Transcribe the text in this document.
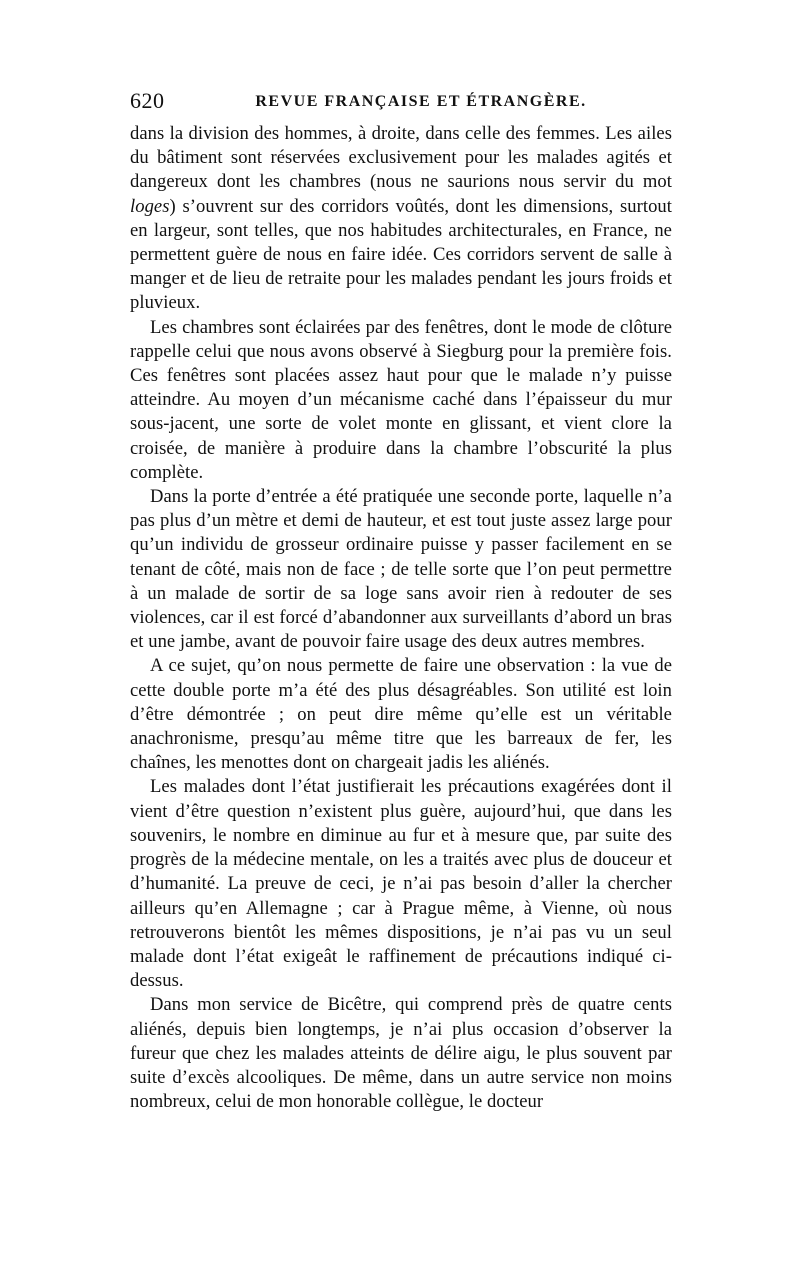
620	REVUE FRANÇAISE ET ÉTRANGÈRE.

dans la division des hommes, à droite, dans celle des femmes. Les ailes du bâtiment sont réservées exclusivement pour les malades agités et dangereux dont les chambres (nous ne saurions nous servir du mot loges) s’ouvrent sur des corridors voûtés, dont les dimensions, surtout en largeur, sont telles, que nos habitudes architecturales, en France, ne permettent guère de nous en faire idée. Ces corridors servent de salle à manger et de lieu de retraite pour les malades pendant les jours froids et pluvieux.

Les chambres sont éclairées par des fenêtres, dont le mode de clôture rappelle celui que nous avons observé à Siegburg pour la première fois. Ces fenêtres sont placées assez haut pour que le malade n’y puisse atteindre. Au moyen d’un mécanisme caché dans l’épaisseur du mur sous-jacent, une sorte de volet monte en glissant, et vient clore la croisée, de manière à produire dans la chambre l’obscurité la plus complète.

Dans la porte d’entrée a été pratiquée une seconde porte, laquelle n’a pas plus d’un mètre et demi de hauteur, et est tout juste assez large pour qu’un individu de grosseur ordinaire puisse y passer facilement en se tenant de côté, mais non de face ; de telle sorte que l’on peut permettre à un malade de sortir de sa loge sans avoir rien à redouter de ses violences, car il est forcé d’abandonner aux surveillants d’abord un bras et une jambe, avant de pouvoir faire usage des deux autres membres.

A ce sujet, qu’on nous permette de faire une observation : la vue de cette double porte m’a été des plus désagréables. Son utilité est loin d’être démontrée ; on peut dire même qu’elle est un véritable anachronisme, presqu’au même titre que les barreaux de fer, les chaînes, les menottes dont on chargeait jadis les aliénés.

Les malades dont l’état justifierait les précautions exagérées dont il vient d’être question n’existent plus guère, aujourd’hui, que dans les souvenirs, le nombre en diminue au fur et à mesure que, par suite des progrès de la médecine mentale, on les a traités avec plus de douceur et d’humanité. La preuve de ceci, je n’ai pas besoin d’aller la chercher ailleurs qu’en Allemagne ; car à Prague même, à Vienne, où nous retrouverons bientôt les mêmes dispositions, je n’ai pas vu un seul malade dont l’état exigeât le raffinement de précautions indiqué ci-dessus.

Dans mon service de Bicêtre, qui comprend près de quatre cents aliénés, depuis bien longtemps, je n’ai plus occasion d’observer la fureur que chez les malades atteints de délire aigu, le plus souvent par suite d’excès alcooliques. De même, dans un autre service non moins nombreux, celui de mon honorable collègue, le docteur
